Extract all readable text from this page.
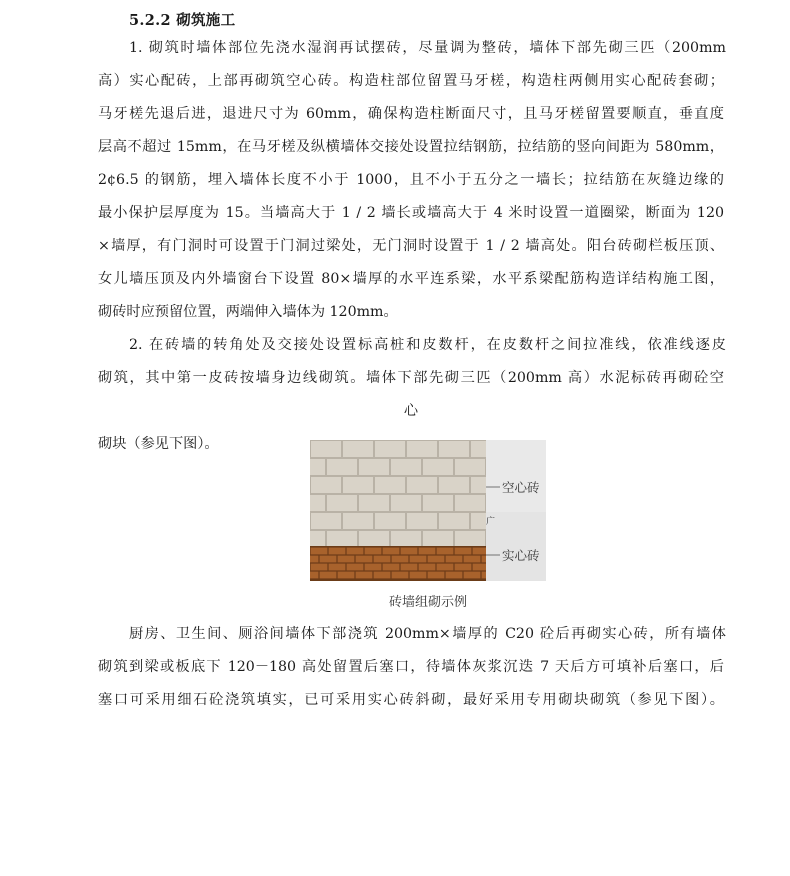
5.2.2 砌筑施工
1. 砌筑时墙体部位先浇水湿润再试摆砖，尽量调为整砖，墙体下部先砌三匹（200mm
高）实心配砖，上部再砌筑空心砖。构造柱部位留置马牙槎，构造柱两侧用实心配砖套砌；
马牙槎先退后进，退进尺寸为 60mm，确保构造柱断面尺寸，且马牙槎留置要顺直，垂直度
层高不超过 15mm，在马牙槎及纵横墙体交接处设置拉结钢筋，拉结筋的竖向间距为 580mm，
2¢6.5 的钢筋，埋入墙体长度不小于 1000，且不小于五分之一墙长；拉结筋在灰缝边缘的
最小保护层厚度为 15。当墙高大于 1 / 2 墙长或墙高大于 4 米时设置一道圈梁，断面为 120
×墙厚，有门洞时可设置于门洞过梁处，无门洞时设置于 1 / 2 墙高处。阳台砖砌栏板压顶、
女儿墙压顶及内外墙窗台下设置 80×墙厚的水平连系梁，水平系梁配筋构造详结构施工图，
砌砖时应预留位置，两端伸入墙体为 120mm。
2. 在砖墙的转角处及交接处设置标高桩和皮数杆，在皮数杆之间拉准线，依准线逐皮
砌筑，其中第一皮砖按墙身边线砌筑。墙体下部先砌三匹（200mm 高）水泥标砖再砌砼空
心
砌块（参见下图）。
空心砖
实心砖
广
砖墙组砌示例
厨房、卫生间、厕浴间墙体下部浇筑 200mm×墙厚的 C20 砼后再砌实心砖，所有墙体
砌筑到梁或板底下 120－180 高处留置后塞口，待墙体灰浆沉迭 7 天后方可填补后塞口，后
塞口可采用细石砼浇筑填实，已可采用实心砖斜砌，最好采用专用砌块砌筑（参见下图）。
